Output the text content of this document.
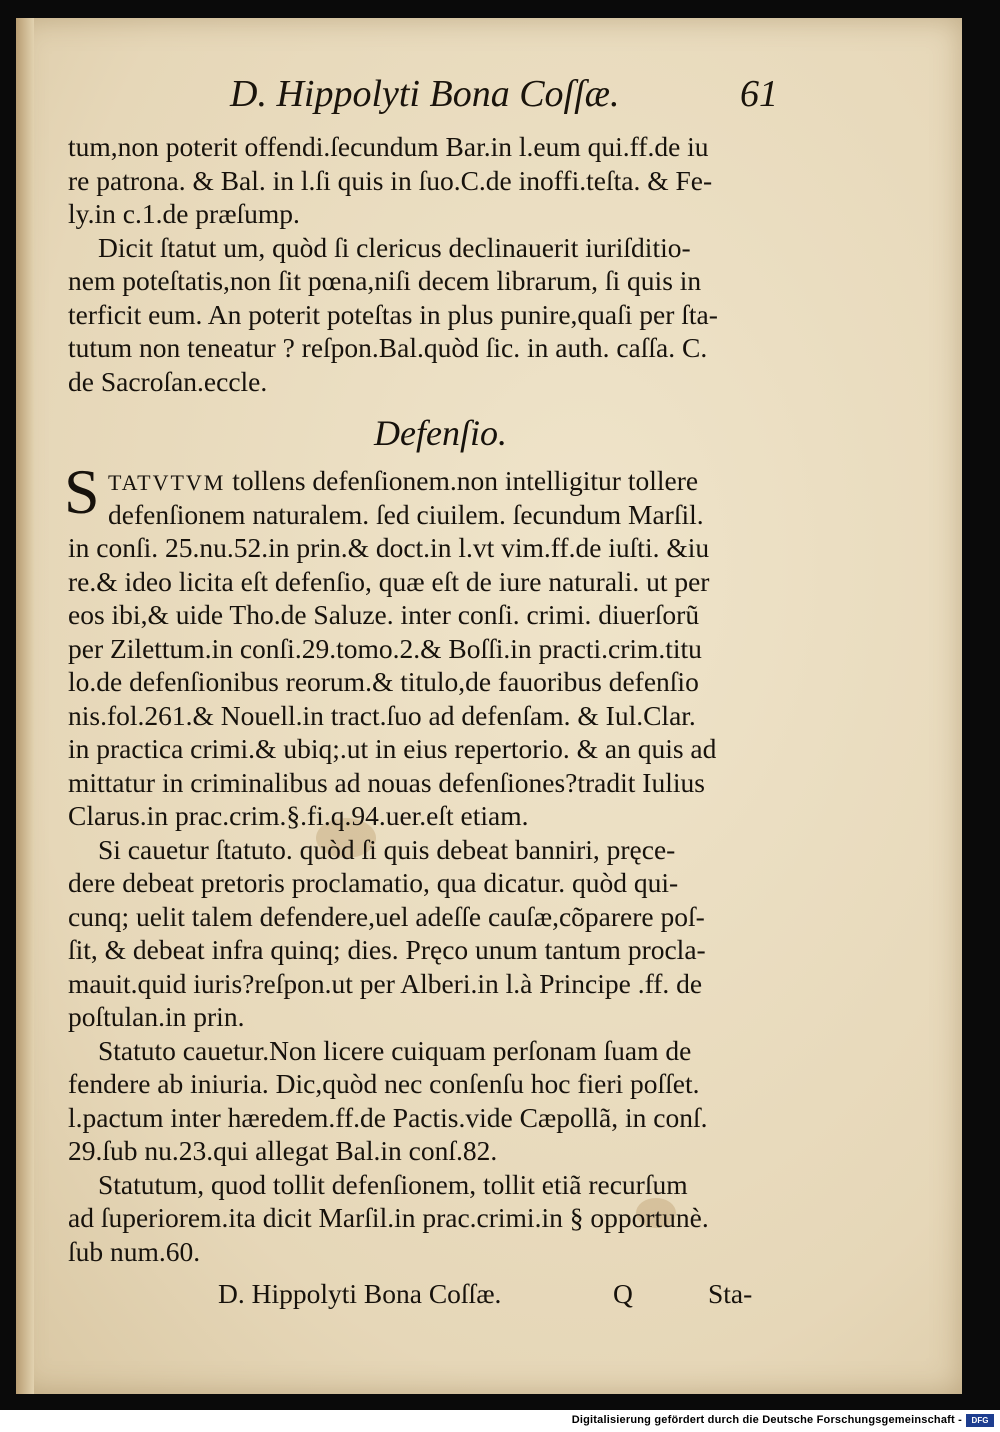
D. Hippolyti Bona Coſſæ.	61
tum,non poterit offendi.ſecundum Bar.in l.eum qui.ff.de iu
re patrona. & Bal. in l.ſi quis in ſuo.C.de inoffi.teſta. & Fe-
ly.in c.1.de præſump.
Dicit ſtatut um, quòd ſi clericus declinauerit iuriſditio-
nem poteſtatis,non ſit pœna,niſi decem librarum, ſi quis in
terficit eum. An poterit poteſtas in plus punire,quaſi per ſta-
tutum non teneatur ? reſpon.Bal.quòd ſic. in auth. caſſa. C.
de Sacroſan.eccle.
Defenſio.
S TATVTVM tollens defenſionem.non intelligitur tollere
defenſionem naturalem. ſed ciuilem. ſecundum Marſil.
in conſi. 25.nu.52.in prin.& doct.in l.vt vim.ff.de iuſti. &iu
re.& ideo licita eſt defenſio, quæ eſt de iure naturali. ut per
eos ibi,& uide Tho.de Saluze. inter conſi. crimi. diuerſorũ
per Zilettum.in conſi.29.tomo.2.& Boſſi.in practi.crim.titu
lo.de defenſionibus reorum.& titulo,de fauoribus defenſio
nis.fol.261.& Nouell.in tract.ſuo ad defenſam. & Iul.Clar.
in practica crimi.& ubiq;.ut in eius repertorio. & an quis ad
mittatur in criminalibus ad nouas defenſiones?tradit Iulius
Clarus.in prac.crim.§.fi.q.94.uer.eſt etiam.
Si cauetur ſtatuto. quòd ſi quis debeat banniri, pręce-
dere debeat pretoris proclamatio, qua dicatur. quòd qui-
cunq; uelit talem defendere,uel adeſſe cauſæ,cõparere poſ-
ſit, & debeat infra quinq; dies. Pręco unum tantum procla-
mauit.quid iuris?reſpon.ut per Alberi.in l.à Principe .ff. de
poſtulan.in prin.
Statuto cauetur.Non licere cuiquam perſonam ſuam de
fendere ab iniuria. Dic,quòd nec conſenſu hoc fieri poſſet.
l.pactum inter hæredem.ff.de Pactis.vide Cæpollã, in conſ.
29.ſub nu.23.qui allegat Bal.in conſ.82.
Statutum, quod tollit defenſionem, tollit etiã recurſum
ad ſuperiorem.ita dicit Marſil.in prac.crimi.in § opportunè.
ſub num.60.
D. Hippolyti Bona Coſſæ.	Q	Sta-
Digitalisierung gefördert durch die Deutsche Forschungsgemeinschaft -	DFG
